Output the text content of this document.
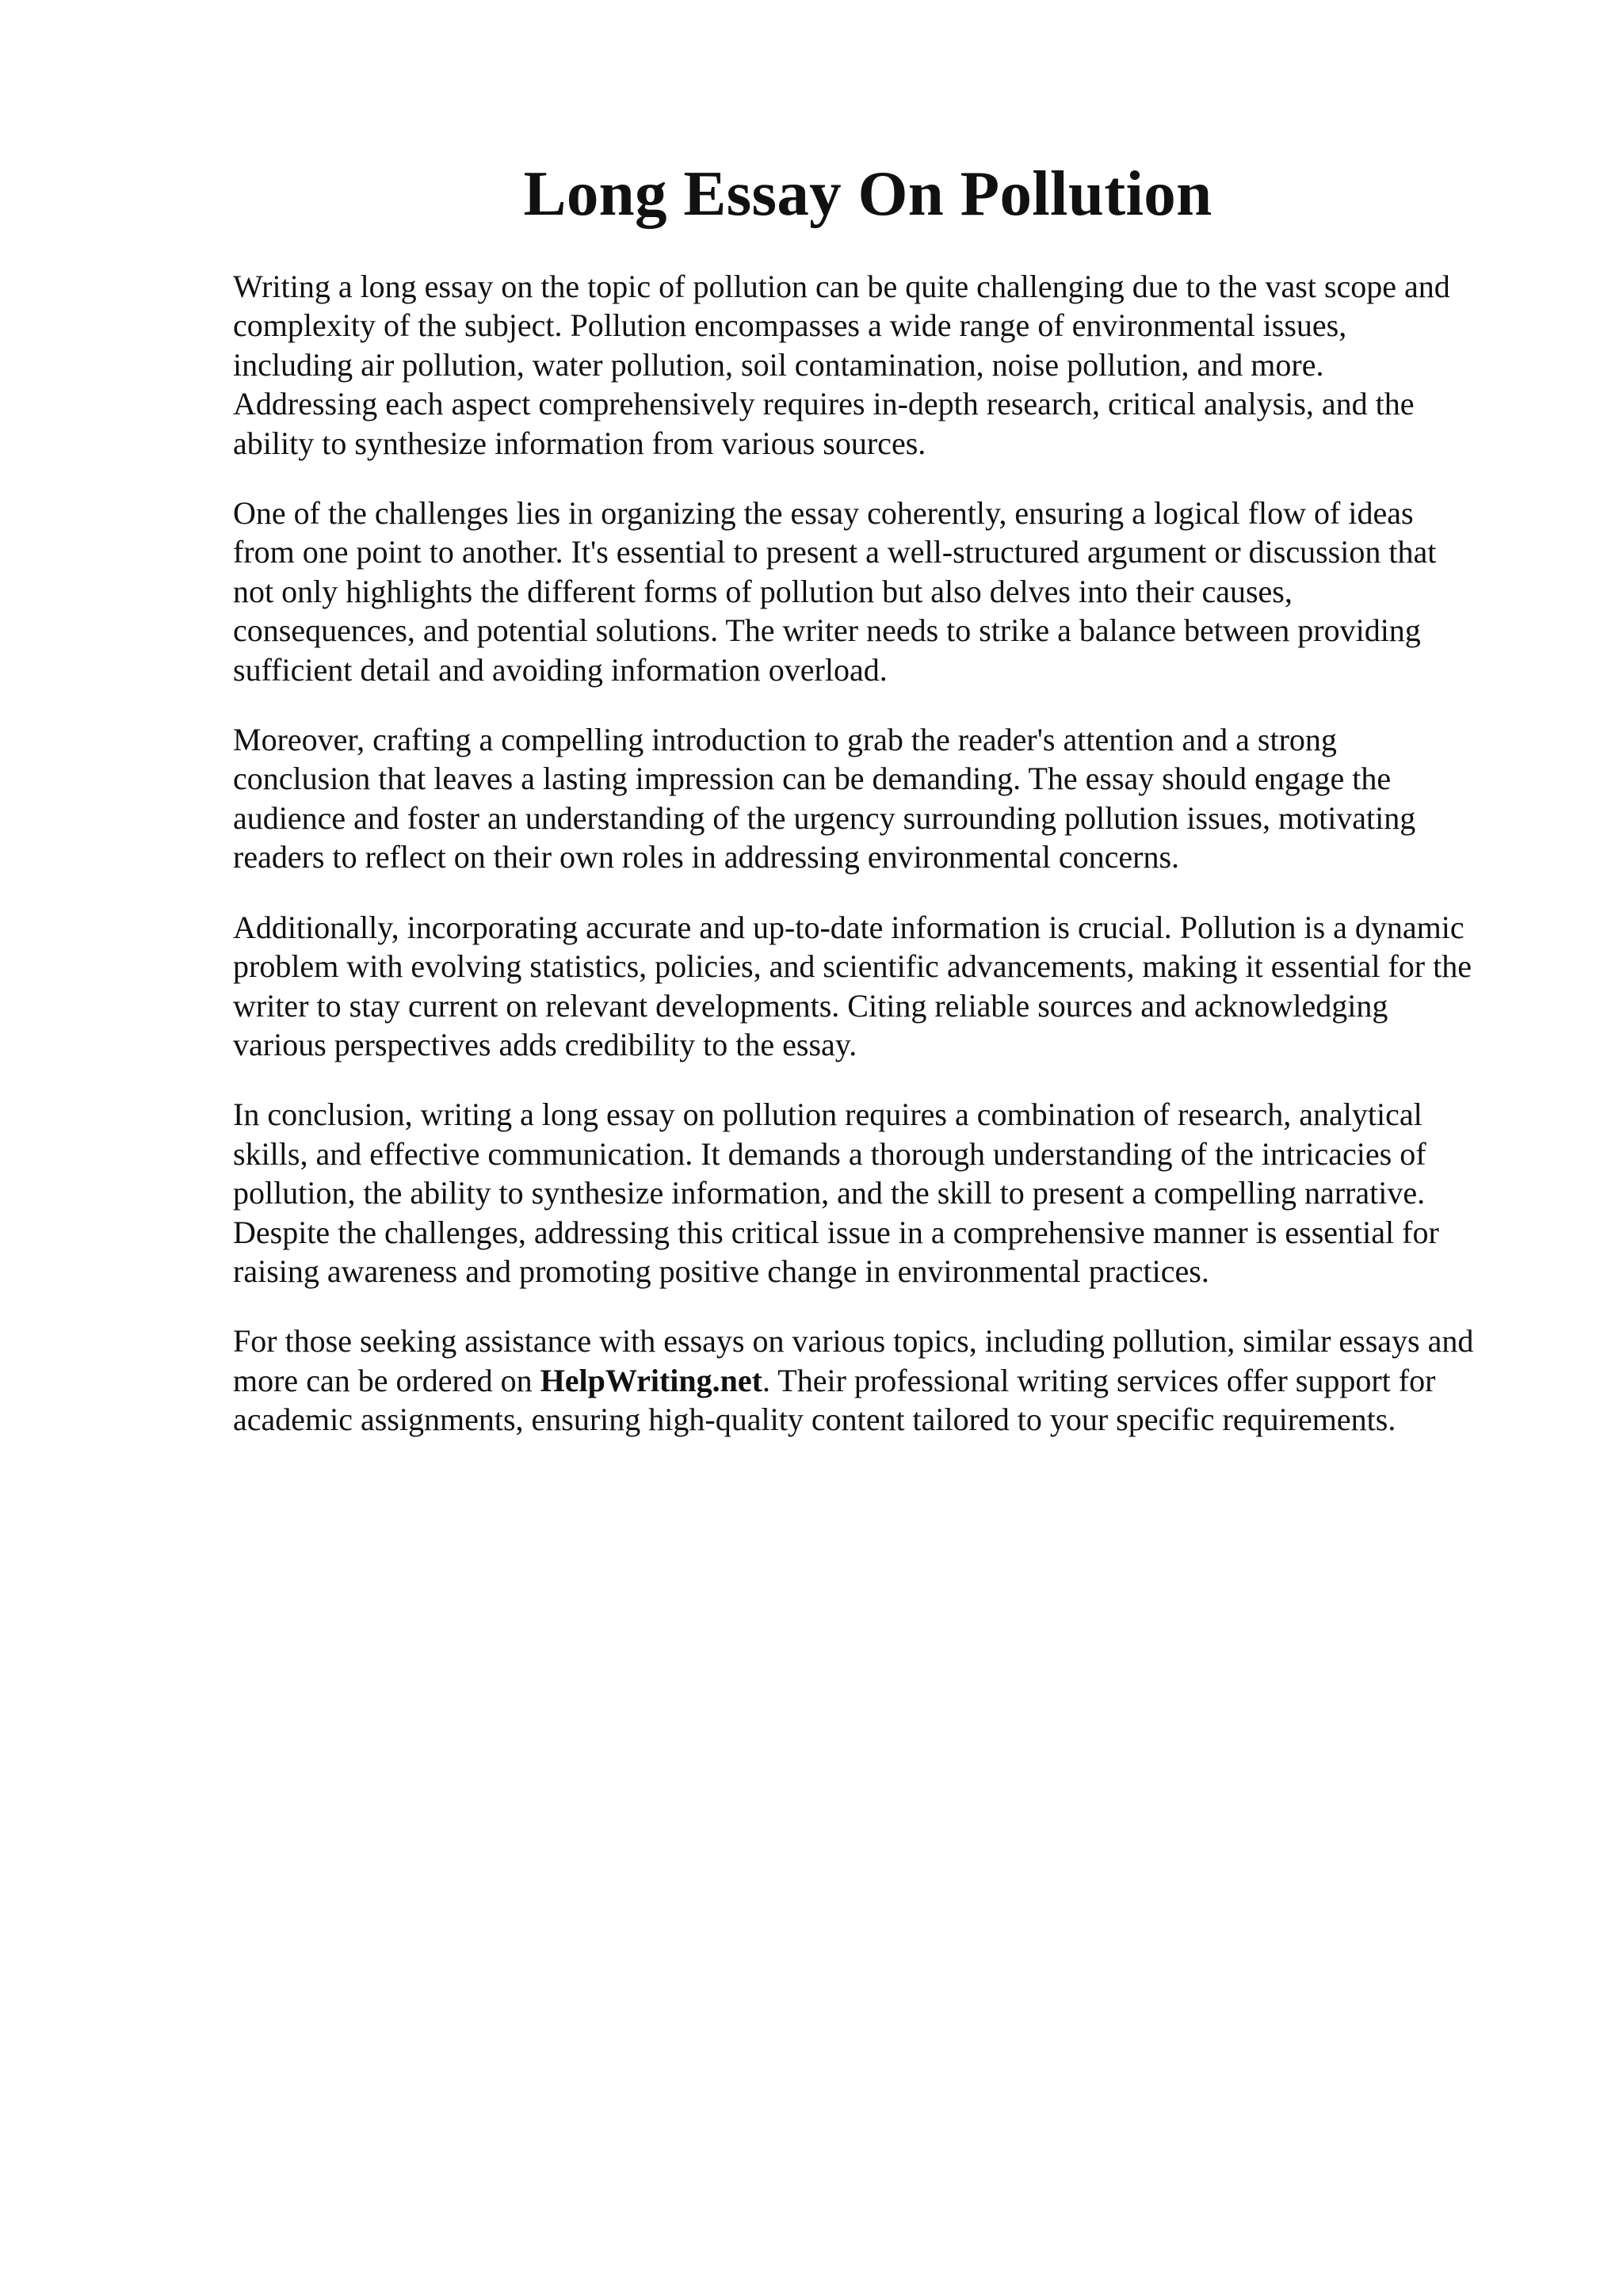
Long Essay On Pollution

Writing a long essay on the topic of pollution can be quite challenging due to the vast scope and
complexity of the subject. Pollution encompasses a wide range of environmental issues,
including air pollution, water pollution, soil contamination, noise pollution, and more.
Addressing each aspect comprehensively requires in-depth research, critical analysis, and the
ability to synthesize information from various sources.

One of the challenges lies in organizing the essay coherently, ensuring a logical flow of ideas
from one point to another. It's essential to present a well-structured argument or discussion that
not only highlights the different forms of pollution but also delves into their causes,
consequences, and potential solutions. The writer needs to strike a balance between providing
sufficient detail and avoiding information overload.

Moreover, crafting a compelling introduction to grab the reader's attention and a strong
conclusion that leaves a lasting impression can be demanding. The essay should engage the
audience and foster an understanding of the urgency surrounding pollution issues, motivating
readers to reflect on their own roles in addressing environmental concerns.

Additionally, incorporating accurate and up-to-date information is crucial. Pollution is a dynamic
problem with evolving statistics, policies, and scientific advancements, making it essential for the
writer to stay current on relevant developments. Citing reliable sources and acknowledging
various perspectives adds credibility to the essay.

In conclusion, writing a long essay on pollution requires a combination of research, analytical
skills, and effective communication. It demands a thorough understanding of the intricacies of
pollution, the ability to synthesize information, and the skill to present a compelling narrative.
Despite the challenges, addressing this critical issue in a comprehensive manner is essential for
raising awareness and promoting positive change in environmental practices.

For those seeking assistance with essays on various topics, including pollution, similar essays and
more can be ordered on HelpWriting.net. Their professional writing services offer support for
academic assignments, ensuring high-quality content tailored to your specific requirements.
